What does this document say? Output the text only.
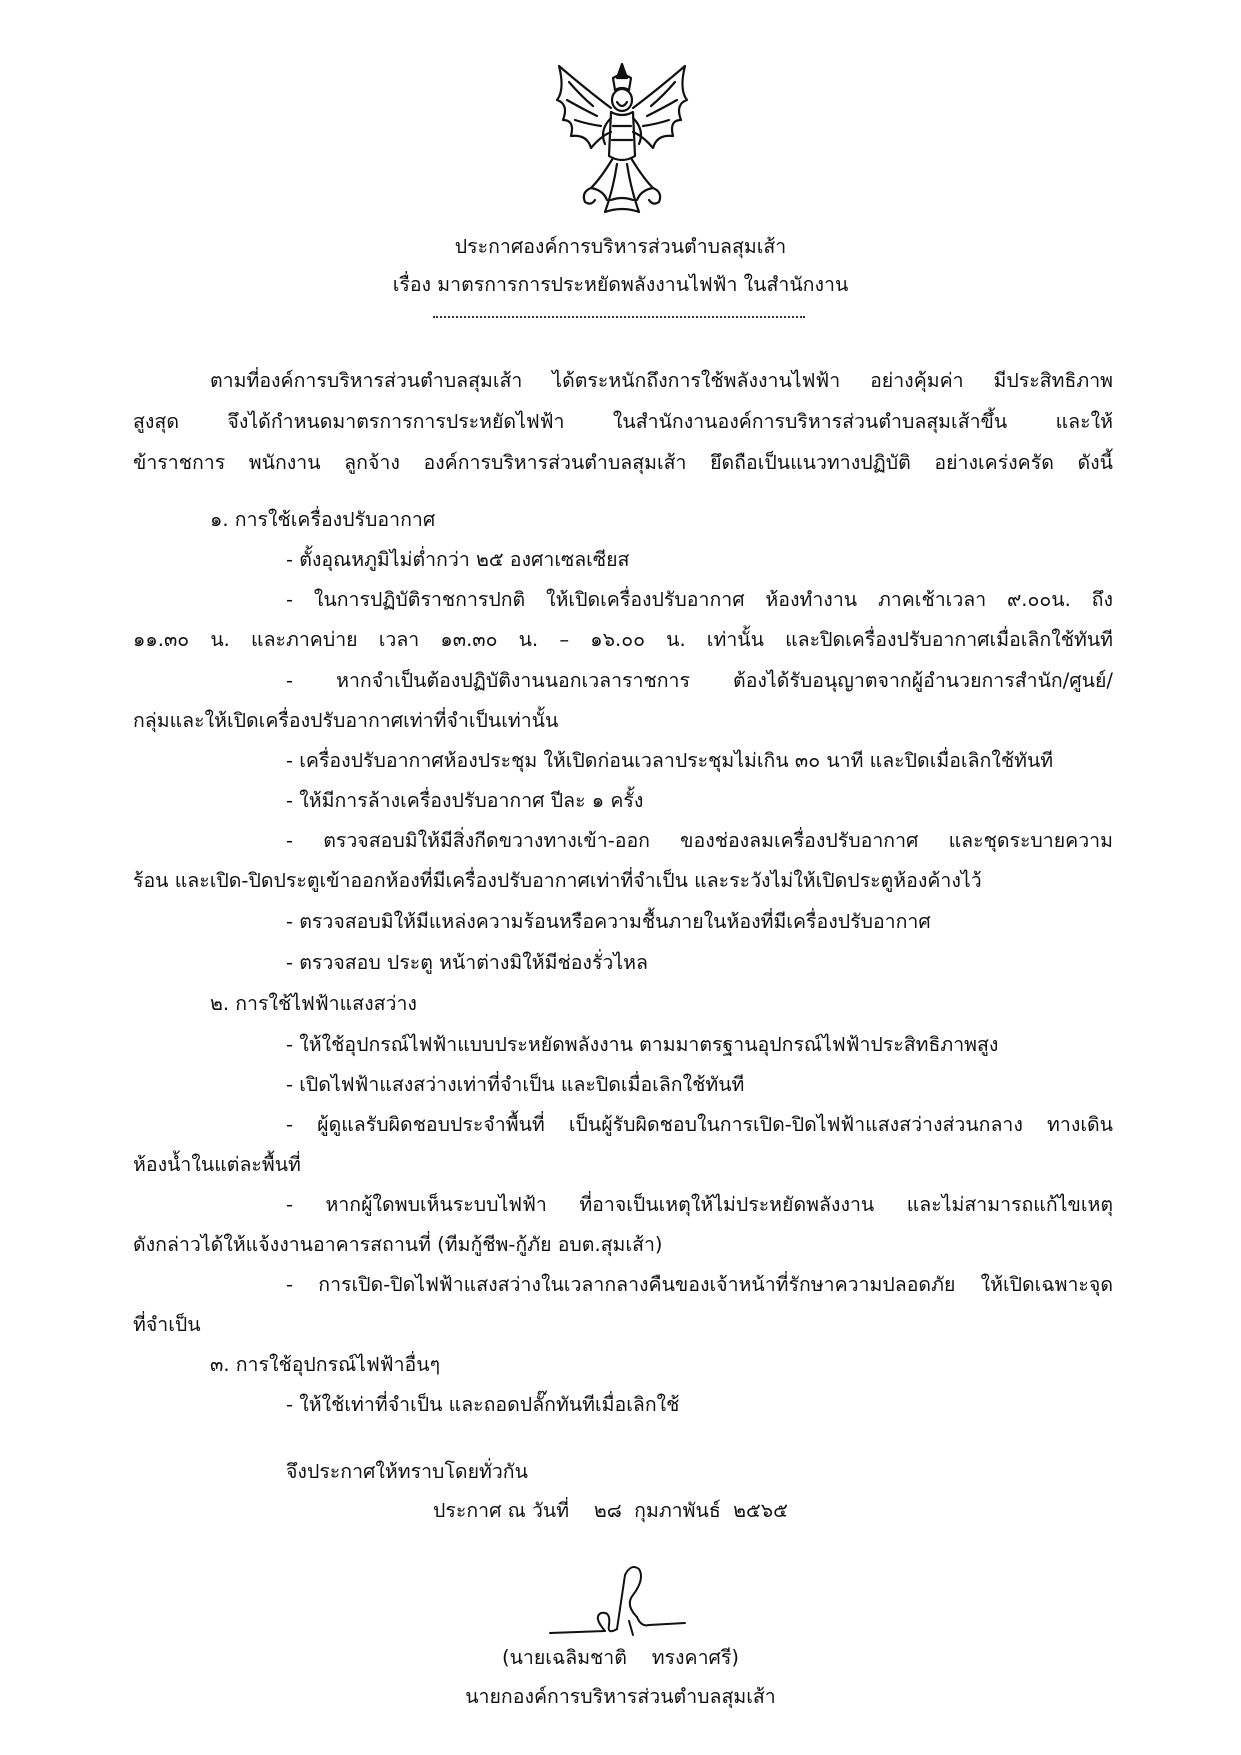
ประกาศองค์การบริหารส่วนตำบลสุมเส้า
เรื่อง มาตรการการประหยัดพลังงานไฟฟ้า ในสำนักงาน
ตามที่องค์การบริหารส่วนตำบลสุมเส้า ได้ตระหนักถึงการใช้พลังงานไฟฟ้า อย่างคุ้มค่า มีประสิทธิภาพ
สูงสุด จึงได้กำหนดมาตรการการประหยัดไฟฟ้า ในสำนักงานองค์การบริหารส่วนตำบลสุมเส้าขึ้น และให้
ข้าราชการ พนักงาน ลูกจ้าง องค์การบริหารส่วนตำบลสุมเส้า ยึดถือเป็นแนวทางปฏิบัติ อย่างเคร่งครัด ดังนี้
๑. การใช้เครื่องปรับอากาศ
- ตั้งอุณหภูมิไม่ต่ำกว่า ๒๕ องศาเซลเซียส
- ในการปฏิบัติราชการปกติ ให้เปิดเครื่องปรับอากาศ ห้องทำงาน ภาคเช้าเวลา ๙.๐๐น. ถึง
๑๑.๓๐ น. และภาคบ่าย เวลา ๑๓.๓๐ น. – ๑๖.๐๐ น. เท่านั้น และปิดเครื่องปรับอากาศเมื่อเลิกใช้ทันที
- หากจำเป็นต้องปฏิบัติงานนอกเวลาราชการ ต้องได้รับอนุญาตจากผู้อำนวยการสำนัก/ศูนย์/
กลุ่มและให้เปิดเครื่องปรับอากาศเท่าที่จำเป็นเท่านั้น
- เครื่องปรับอากาศห้องประชุม ให้เปิดก่อนเวลาประชุมไม่เกิน ๓๐ นาที และปิดเมื่อเลิกใช้ทันที
- ให้มีการล้างเครื่องปรับอากาศ ปีละ ๑ ครั้ง
- ตรวจสอบมิให้มีสิ่งกีดขวางทางเข้า-ออก ของช่องลมเครื่องปรับอากาศ และชุดระบายความ
ร้อน และเปิด-ปิดประตูเข้าออกห้องที่มีเครื่องปรับอากาศเท่าที่จำเป็น และระวังไม่ให้เปิดประตูห้องค้างไว้
- ตรวจสอบมิให้มีแหล่งความร้อนหรือความชื้นภายในห้องที่มีเครื่องปรับอากาศ
- ตรวจสอบ ประตู หน้าต่างมิให้มีช่องรั่วไหล
๒. การใช้ไฟฟ้าแสงสว่าง
- ให้ใช้อุปกรณ์ไฟฟ้าแบบประหยัดพลังงาน ตามมาตรฐานอุปกรณ์ไฟฟ้าประสิทธิภาพสูง
- เปิดไฟฟ้าแสงสว่างเท่าที่จำเป็น และปิดเมื่อเลิกใช้ทันที
- ผู้ดูแลรับผิดชอบประจำพื้นที่ เป็นผู้รับผิดชอบในการเปิด-ปิดไฟฟ้าแสงสว่างส่วนกลาง ทางเดิน
ห้องน้ำในแต่ละพื้นที่
- หากผู้ใดพบเห็นระบบไฟฟ้า ที่อาจเป็นเหตุให้ไม่ประหยัดพลังงาน และไม่สามารถแก้ไขเหตุ
ดังกล่าวได้ให้แจ้งงานอาคารสถานที่ (ทีมกู้ชีพ-กู้ภัย อบต.สุมเส้า)
- การเปิด-ปิดไฟฟ้าแสงสว่างในเวลากลางคืนของเจ้าหน้าที่รักษาความปลอดภัย ให้เปิดเฉพาะจุด
ที่จำเป็น
๓. การใช้อุปกรณ์ไฟฟ้าอื่นๆ
- ให้ใช้เท่าที่จำเป็น และถอดปลั๊กทันทีเมื่อเลิกใช้
จึงประกาศให้ทราบโดยทั่วกัน
ประกาศ ณ วันที่    ๒๘  กุมภาพันธ์  ๒๕๖๕
(นายเฉลิมชาติ    ทรงคาศรี)
นายกองค์การบริหารส่วนตำบลสุมเส้า
